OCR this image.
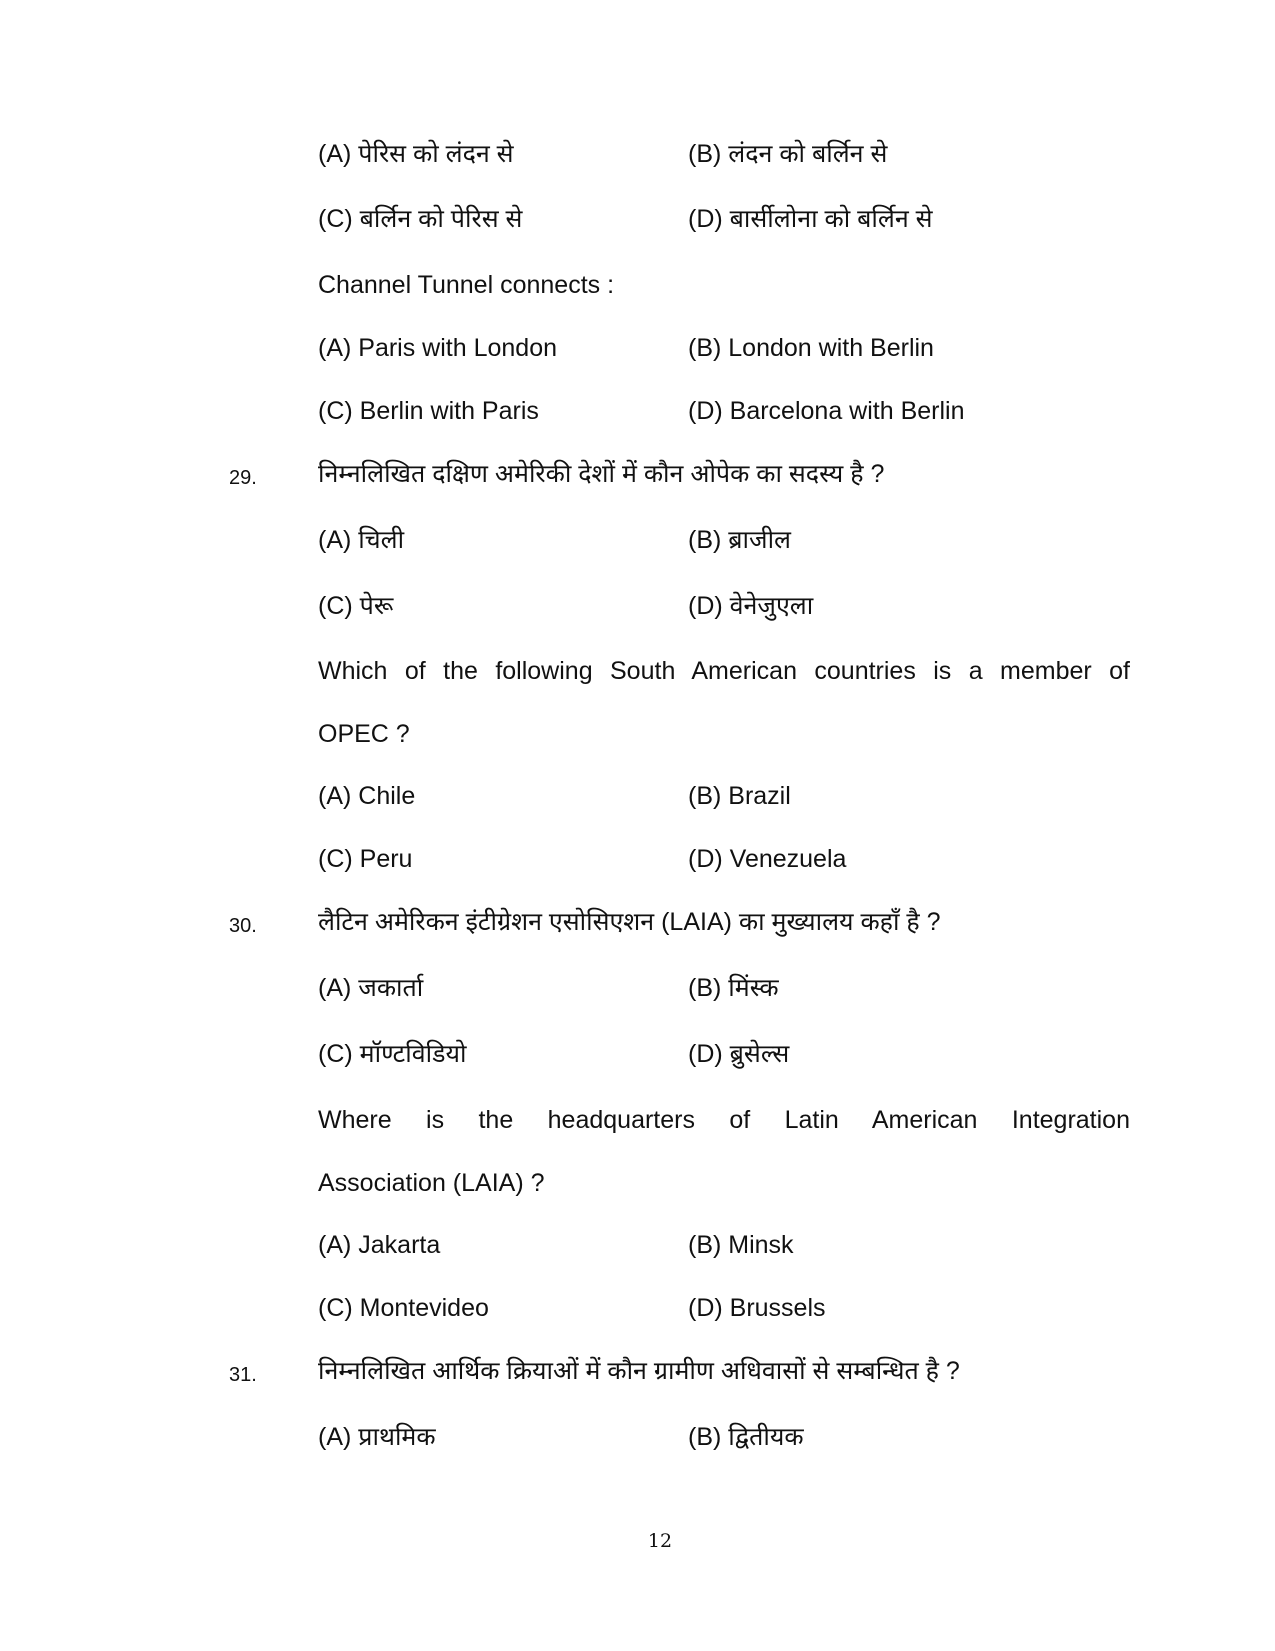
(A) पेरिस को लंदन से	(B) लंदन को बर्लिन से
(C) बर्लिन को पेरिस से	(D) बार्सीलोना को बर्लिन से
Channel Tunnel connects :
(A) Paris with London	(B) London with Berlin
(C) Berlin with Paris	(D) Barcelona with Berlin
29. निम्नलिखित दक्षिण अमेरिकी देशों में कौन ओपेक का सदस्य है ?
(A) चिली	(B) ब्राजील
(C) पेरू	(D) वेनेजुएला
Which of the following South American countries is a member of
OPEC ?
(A) Chile	(B) Brazil
(C) Peru	(D) Venezuela
30. लैटिन अमेरिकन इंटीग्रेशन एसोसिएशन (LAIA) का मुख्यालय कहाँ है ?
(A) जकार्ता	(B) मिंस्क
(C) मॉण्टविडियो	(D) ब्रुसेल्स
Where is the headquarters of Latin American Integration
Association (LAIA) ?
(A) Jakarta	(B) Minsk
(C) Montevideo	(D) Brussels
31. निम्नलिखित आर्थिक क्रियाओं में कौन ग्रामीण अधिवासों से सम्बन्धित है ?
(A) प्राथमिक	(B) द्वितीयक
12
